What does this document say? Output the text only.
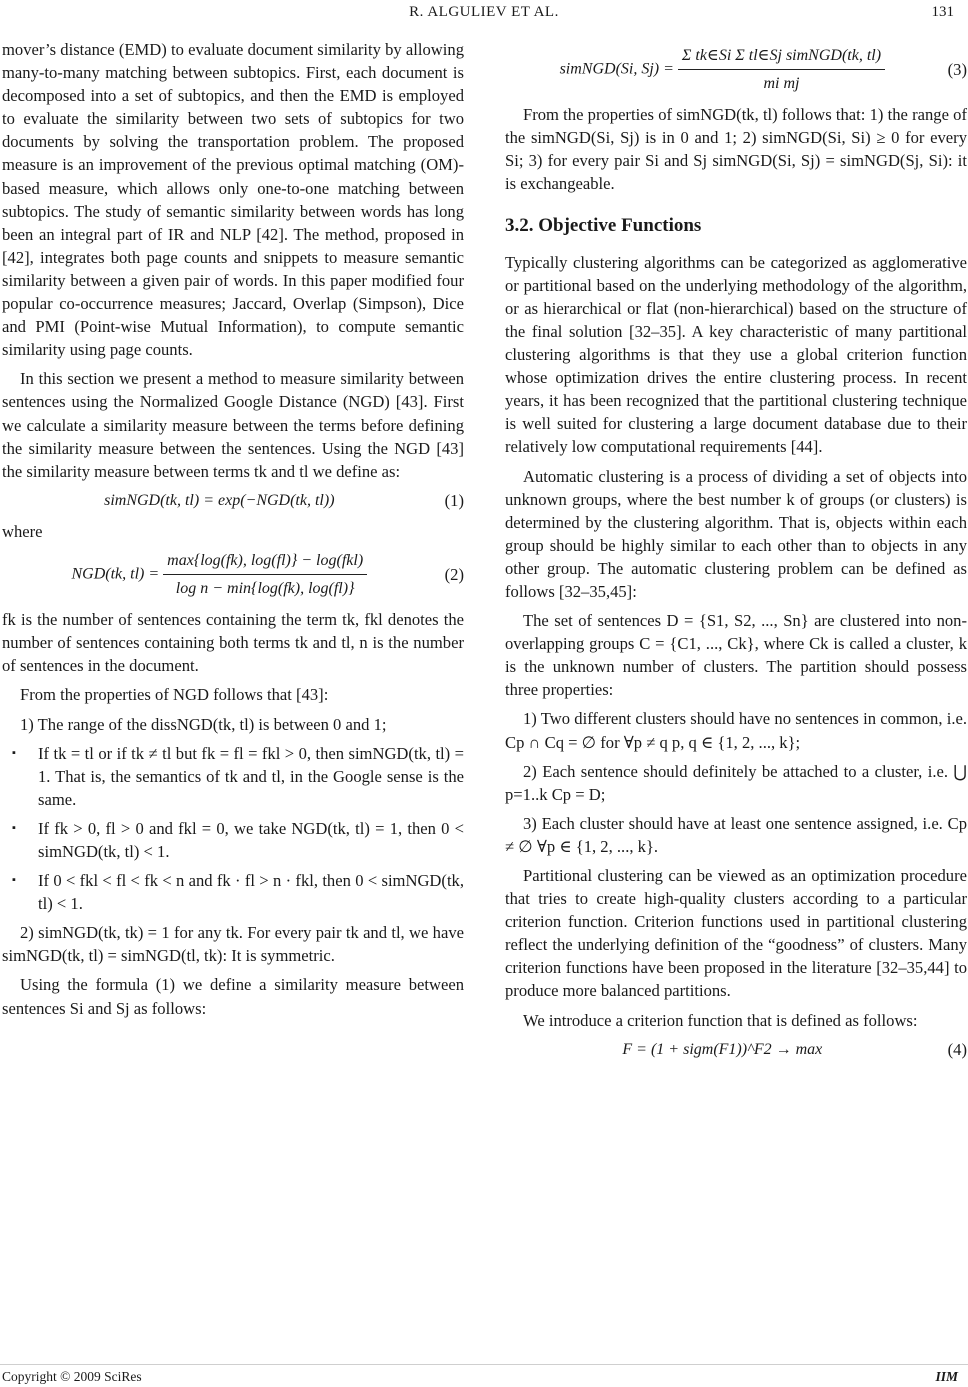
R. ALGULIEV ET AL.	131

mover’s distance (EMD) to evaluate document similarity by allowing many-to-many matching between subtopics. First, each document is decomposed into a set of subtopics, and then the EMD is employed to evaluate the similarity between two sets of subtopics for two documents by solving the transportation problem. The proposed measure is an improvement of the previous optimal matching (OM)-based measure, which allows only one-to-one matching between subtopics. The study of semantic similarity between words has long been an integral part of IR and NLP [42]. The method, proposed in [42], integrates both page counts and snippets to measure semantic similarity between a given pair of words. In this paper modified four popular co-occurrence measures; Jaccard, Overlap (Simpson), Dice and PMI (Point-wise Mutual Information), to compute semantic similarity using page counts.

In this section we present a method to measure similarity between sentences using the Normalized Google Distance (NGD) [43]. First we calculate a similarity measure between the terms before defining the similarity measure between the sentences. Using the NGD [43] the similarity measure between terms tk and tl we define as:

simNGD(tk, tl) = exp(−NGD(tk, tl))	(1)

where

NGD(tk, $tl) = \frac{\text{max\{log(fk), log(fl)\} − log(fkl)}}{\text{log n − min\{log(fk), log(fl)\}}}$	(2)

fk is the number of sentences containing the term tk, fkl denotes the number of sentences containing both terms tk and tl, n is the number of sentences in the document.

From the properties of NGD follows that [43]:

1) The range of the dissNGD(tk, tl) is between 0 and 1;

▪ If tk = tl or if tk ≠ tl but fk = fl = fkl > 0, then simNGD(tk, tl) = 1. That is, the semantics of tk and tl, in the Google sense is the same.

▪ If fk > 0, fl > 0 and fkl = 0, we take NGD(tk, tl) = 1, then 0 < simNGD(tk, tl) < 1.

▪ If 0 < fkl < fl < fk < n and fk · fl > n · fkl, then 0 < simNGD(tk, tl) < 1.

2) simNGD(tk, tk) = 1 for any tk. For every pair tk and tl, we have simNGD(tk, tl) = simNGD(tl, tk): It is symmetric.

Using the formula (1) we define a similarity measure between sentences Si and Sj as follows:

simNGD(Si, $Sj) = \frac{\text{Σ tk∈Si Σ tl∈Sj simNGD(tk, tl)}}{\text{mi mj}}$	(3)

From the properties of simNGD(tk, tl) follows that: 1) the range of the simNGD(Si, Sj) is in 0 and 1; 2) simNGD(Si, Si) ≥ 0 for every Si; 3) for every pair Si and Sj simNGD(Si, Sj) = simNGD(Sj, Si): it is exchangeable.

3.2. Objective Functions

Typically clustering algorithms can be categorized as agglomerative or partitional based on the underlying methodology of the algorithm, or as hierarchical or flat (non-hierarchical) based on the structure of the final solution [32–35]. A key characteristic of many partitional clustering algorithms is that they use a global criterion function whose optimization drives the entire clustering process. In recent years, it has been recognized that the partitional clustering technique is well suited for clustering a large document database due to their relatively low computational requirements [44].

Automatic clustering is a process of dividing a set of objects into unknown groups, where the best number k of groups (or clusters) is determined by the clustering algorithm. That is, objects within each group should be highly similar to each other than to objects in any other group. The automatic clustering problem can be defined as follows [32–35,45]:

The set of sentences D = {S1, S2, ..., Sn} are clustered into non-overlapping groups C = {C1, ..., Ck}, where Ck is called a cluster, k is the unknown number of clusters. The partition should possess three properties:

1) Two different clusters should have no sentences in common, i.e. Cp ∩ Cq = ∅ for ∀p ≠ q p, q ∈ {1, 2, ..., k};

2) Each sentence should definitely be attached to a cluster, i.e. ⋃ p=1..k Cp = D;

3) Each cluster should have at least one sentence assigned, i.e. Cp ≠ ∅ ∀p ∈ {1, 2, ..., k}.

Partitional clustering can be viewed as an optimization procedure that tries to create high-quality clusters according to a particular criterion function. Criterion functions used in partitional clustering reflect the underlying definition of the “goodness” of clusters. Many criterion functions have been proposed in the literature [32–35,44] to produce more balanced partitions.

We introduce a criterion function that is defined as follows:

F = (1 + sigm(F1))^F2 → max	(4)
Copyright © 2009 SciRes	IIM
